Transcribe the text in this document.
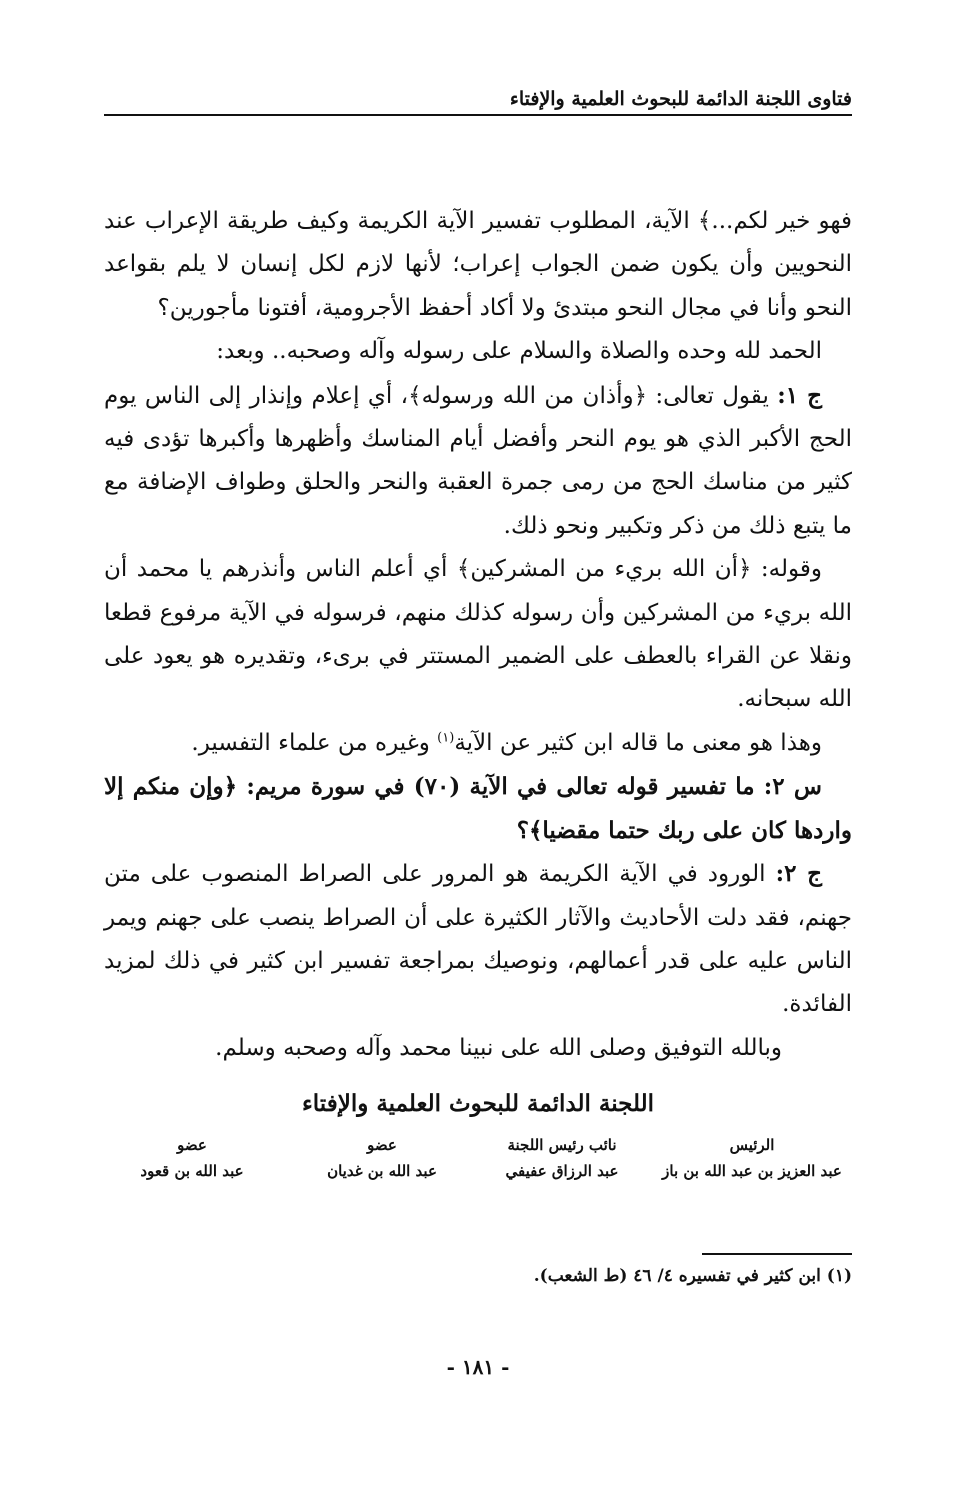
فتاوى اللجنة الدائمة للبحوث العلمية والإفتاء

فهو خير لكم...﴾ الآية، المطلوب تفسير الآية الكريمة وكيف طريقة الإعراب عند النحويين وأن يكون ضمن الجواب إعراب؛ لأنها لازم لكل إنسان لا يلم بقواعد النحو وأنا في مجال النحو مبتدئ ولا أكاد أحفظ الأجرومية، أفتونا مأجورين؟

الحمد لله وحده والصلاة والسلام على رسوله وآله وصحبه.. وبعد:

ج ١: يقول تعالى: ﴿وأذان من الله ورسوله﴾، أي إعلام وإنذار إلى الناس يوم الحج الأكبر الذي هو يوم النحر وأفضل أيام المناسك وأظهرها وأكبرها تؤدى فيه كثير من مناسك الحج من رمى جمرة العقبة والنحر والحلق وطواف الإضافة مع ما يتبع ذلك من ذكر وتكبير ونحو ذلك.

وقوله: ﴿أن الله بريء من المشركين﴾ أي أعلم الناس وأنذرهم يا محمد أن الله بريء من المشركين وأن رسوله كذلك منهم، فرسوله في الآية مرفوع قطعا ونقلا عن القراء بالعطف على الضمير المستتر في برىء، وتقديره هو يعود على الله سبحانه.

وهذا هو معنى ما قاله ابن كثير عن الآية$^{(١)}$ وغيره من علماء التفسير.

س ٢: ما تفسير قوله تعالى في الآية (٧٠) في سورة مريم: ﴿وإن منكم إلا واردها كان على ربك حتما مقضيا﴾؟

ج ٢: الورود في الآية الكريمة هو المرور على الصراط المنصوب على متن جهنم، فقد دلت الأحاديث والآثار الكثيرة على أن الصراط ينصب على جهنم ويمر الناس عليه على قدر أعمالهم، ونوصيك بمراجعة تفسير ابن كثير في ذلك لمزيد الفائدة.

وبالله التوفيق وصلى الله على نبينا محمد وآله وصحبه وسلم.

اللجنة الدائمة للبحوث العلمية والإفتاء
الرئيس
عبد العزيز بن عبد الله بن باز
نائب رئيس اللجنة
عبد الرزاق عفيفي
عضو
عبد الله بن غديان
عضو
عبد الله بن قعود
(١) ابن كثير في تفسيره ٤/ ٤٦ (ط الشعب).
- ١٨١ -
